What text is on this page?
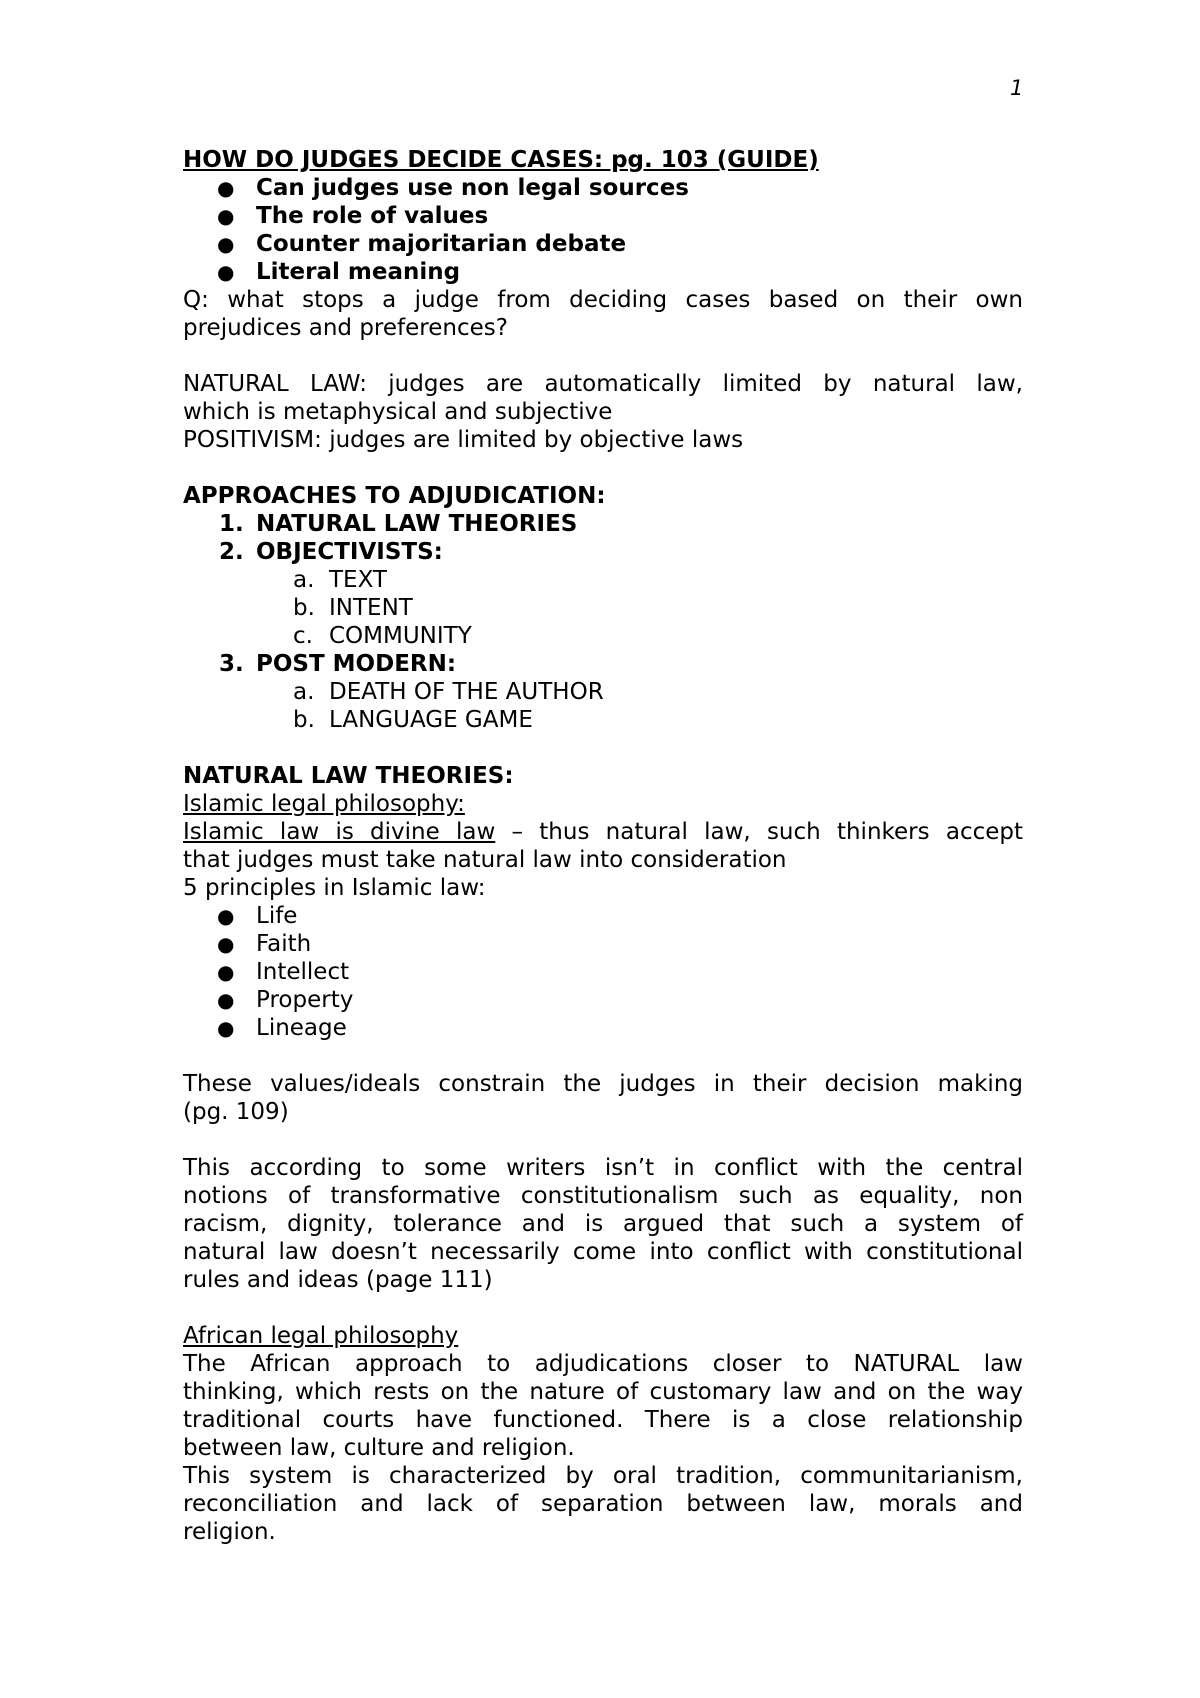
1
HOW DO JUDGES DECIDE CASES: pg. 103 (GUIDE)
● Can judges use non legal sources
● The role of values
● Counter majoritarian debate
● Literal meaning
Q: what stops a judge from deciding cases based on their own
prejudices and preferences?
NATURAL LAW: judges are automatically limited by natural law,
which is metaphysical and subjective
POSITIVISM: judges are limited by objective laws
APPROACHES TO ADJUDICATION:
1. NATURAL LAW THEORIES
2. OBJECTIVISTS:
a. TEXT
b. INTENT
c. COMMUNITY
3. POST MODERN:
a. DEATH OF THE AUTHOR
b. LANGUAGE GAME
NATURAL LAW THEORIES:
Islamic legal philosophy:
Islamic law is divine law – thus natural law, such thinkers accept
that judges must take natural law into consideration
5 principles in Islamic law:
● Life
● Faith
● Intellect
● Property
● Lineage
These values/ideals constrain the judges in their decision making
(pg. 109)
This according to some writers isn’t in conflict with the central
notions of transformative constitutionalism such as equality, non
racism, dignity, tolerance and is argued that such a system of
natural law doesn’t necessarily come into conflict with constitutional
rules and ideas (page 111)
African legal philosophy
The African approach to adjudications closer to NATURAL law
thinking, which rests on the nature of customary law and on the way
traditional courts have functioned. There is a close relationship
between law, culture and religion.
This system is characterized by oral tradition, communitarianism,
reconciliation and lack of separation between law, morals and
religion.
